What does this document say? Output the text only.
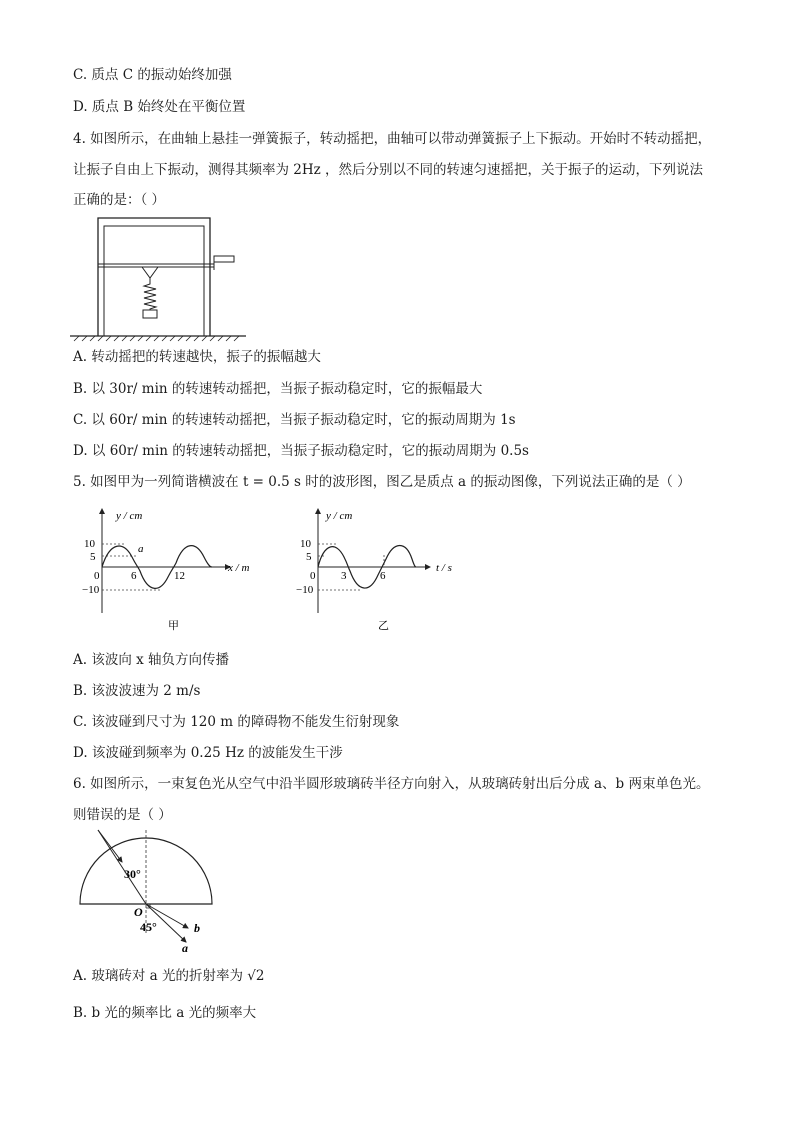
C. 质点 C 的振动始终加强
D. 质点 B 始终处在平衡位置
4. 如图所示，在曲轴上悬挂一弹簧振子，转动摇把，曲轴可以带动弹簧振子上下振动。开始时不转动摇把，
让振子自由上下振动，测得其频率为 2Hz ，然后分别以不同的转速匀速摇把，关于振子的运动，下列说法
正确的是：（ ）
A. 转动摇把的转速越快，振子的振幅越大
B. 以 30r/ min 的转速转动摇把，当振子振动稳定时，它的振幅最大
C. 以 60r/ min 的转速转动摇把，当振子振动稳定时，它的振动周期为 1s
D. 以 60r/ min 的转速转动摇把，当振子振动稳定时，它的振动周期为 0.5s
5. 如图甲为一列简谐横波在 t = 0.5 s 时的波形图，图乙是质点 a 的振动图像，下列说法正确的是（ ）
y / cm
x / m
10
5
0
−10
6	12
a
甲
y / cm
t / s
10
5
0
−10
3	6
乙
A. 该波向 x 轴负方向传播
B. 该波波速为 2 m/s
C. 该波碰到尺寸为 120 m 的障碍物不能发生衍射现象
D. 该波碰到频率为 0.25 Hz 的波能发生干涉
6. 如图所示，一束复色光从空气中沿半圆形玻璃砖半径方向射入，从玻璃砖射出后分成 a、b 两束单色光。
则错误的是（ ）
30°
O
45°	b
a
A. 玻璃砖对 a 光的折射率为 √2
B. b 光的频率比 a 光的频率大
